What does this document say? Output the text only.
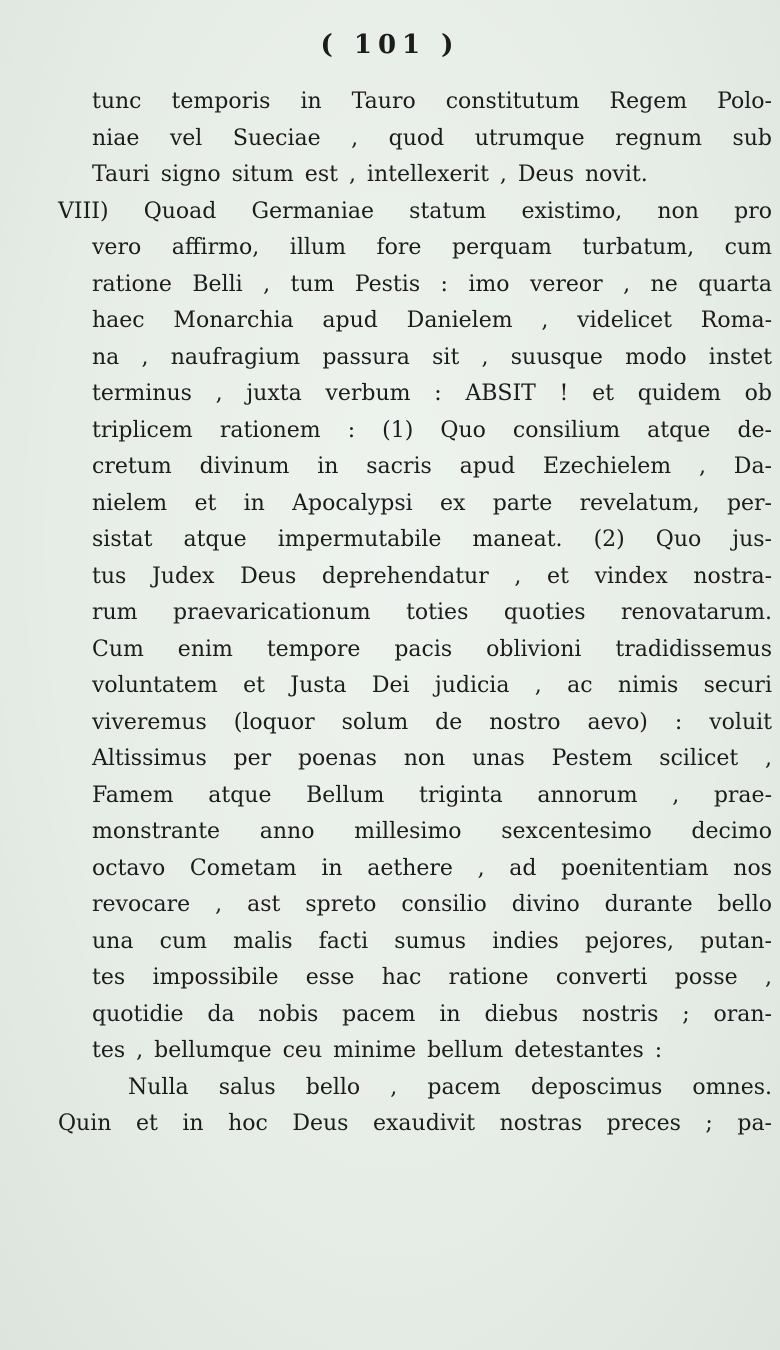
( 101 )
tunc temporis in Tauro constitutum Regem Polo-
niae vel Sueciae , quod utrumque regnum sub
Tauri signo situm est , intellexerit , Deus novit.
VIII) Quoad Germaniae statum existimo, non pro
vero affirmo, illum fore perquam turbatum, cum
ratione Belli , tum Pestis : imo vereor , ne quarta
haec Monarchia apud Danielem , videlicet Roma-
na , naufragium passura sit , suusque modo instet
terminus , juxta verbum : ABSIT ! et quidem ob
triplicem rationem : (1) Quo consilium atque de-
cretum divinum in sacris apud Ezechielem , Da-
nielem et in Apocalypsi ex parte revelatum, per-
sistat atque impermutabile maneat. (2) Quo jus-
tus Judex Deus deprehendatur , et vindex nostra-
rum praevaricationum toties quoties renovatarum.
Cum enim tempore pacis oblivioni tradidissemus
voluntatem et Justa Dei judicia , ac nimis securi
viveremus (loquor solum de nostro aevo) : voluit
Altissimus per poenas non unas Pestem scilicet ,
Famem atque Bellum triginta annorum , prae-
monstrante anno millesimo sexcentesimo decimo
octavo Cometam in aethere , ad poenitentiam nos
revocare , ast spreto consilio divino durante bello
una cum malis facti sumus indies pejores, putan-
tes impossibile esse hac ratione converti posse ,
quotidie da nobis pacem in diebus nostris ; oran-
tes , bellumque ceu minime bellum detestantes :
Nulla salus bello , pacem deposcimus omnes.
Quin et in hoc Deus exaudivit nostras preces ; pa-
